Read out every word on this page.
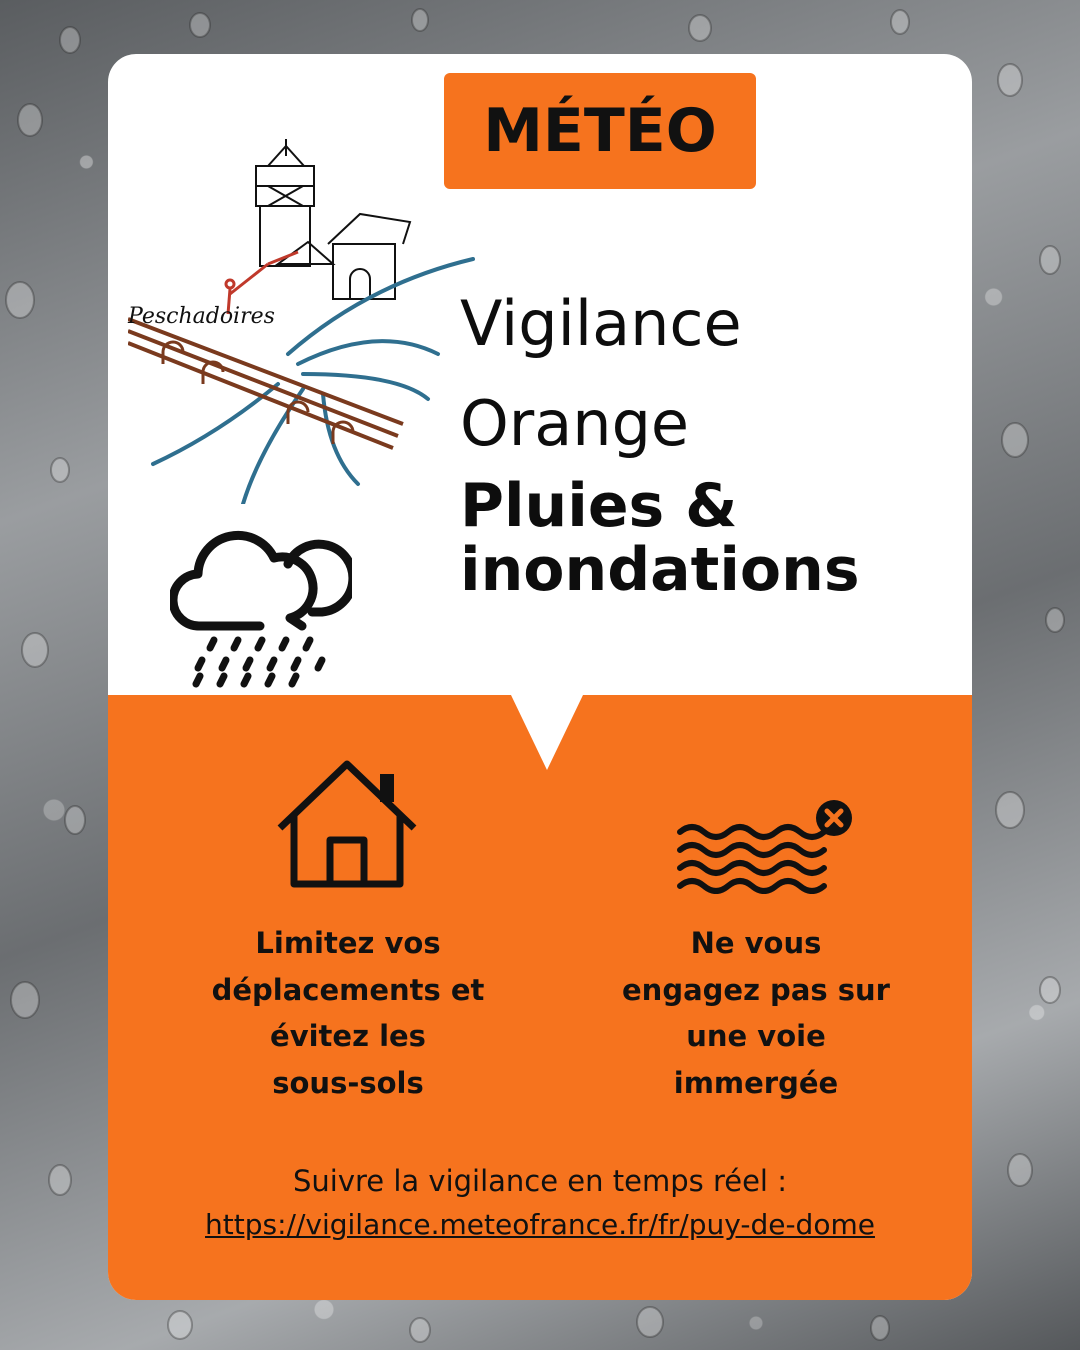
MÉTÉO
Peschadoires	Vigilance
Orange
Pluies &
inondations
Limitez vos
déplacements et
évitez les
sous-sols
Ne vous
engagez pas sur
une voie
immergée
Suivre la vigilance en temps réel :
https://vigilance.meteofrance.fr/fr/puy-de-dome
